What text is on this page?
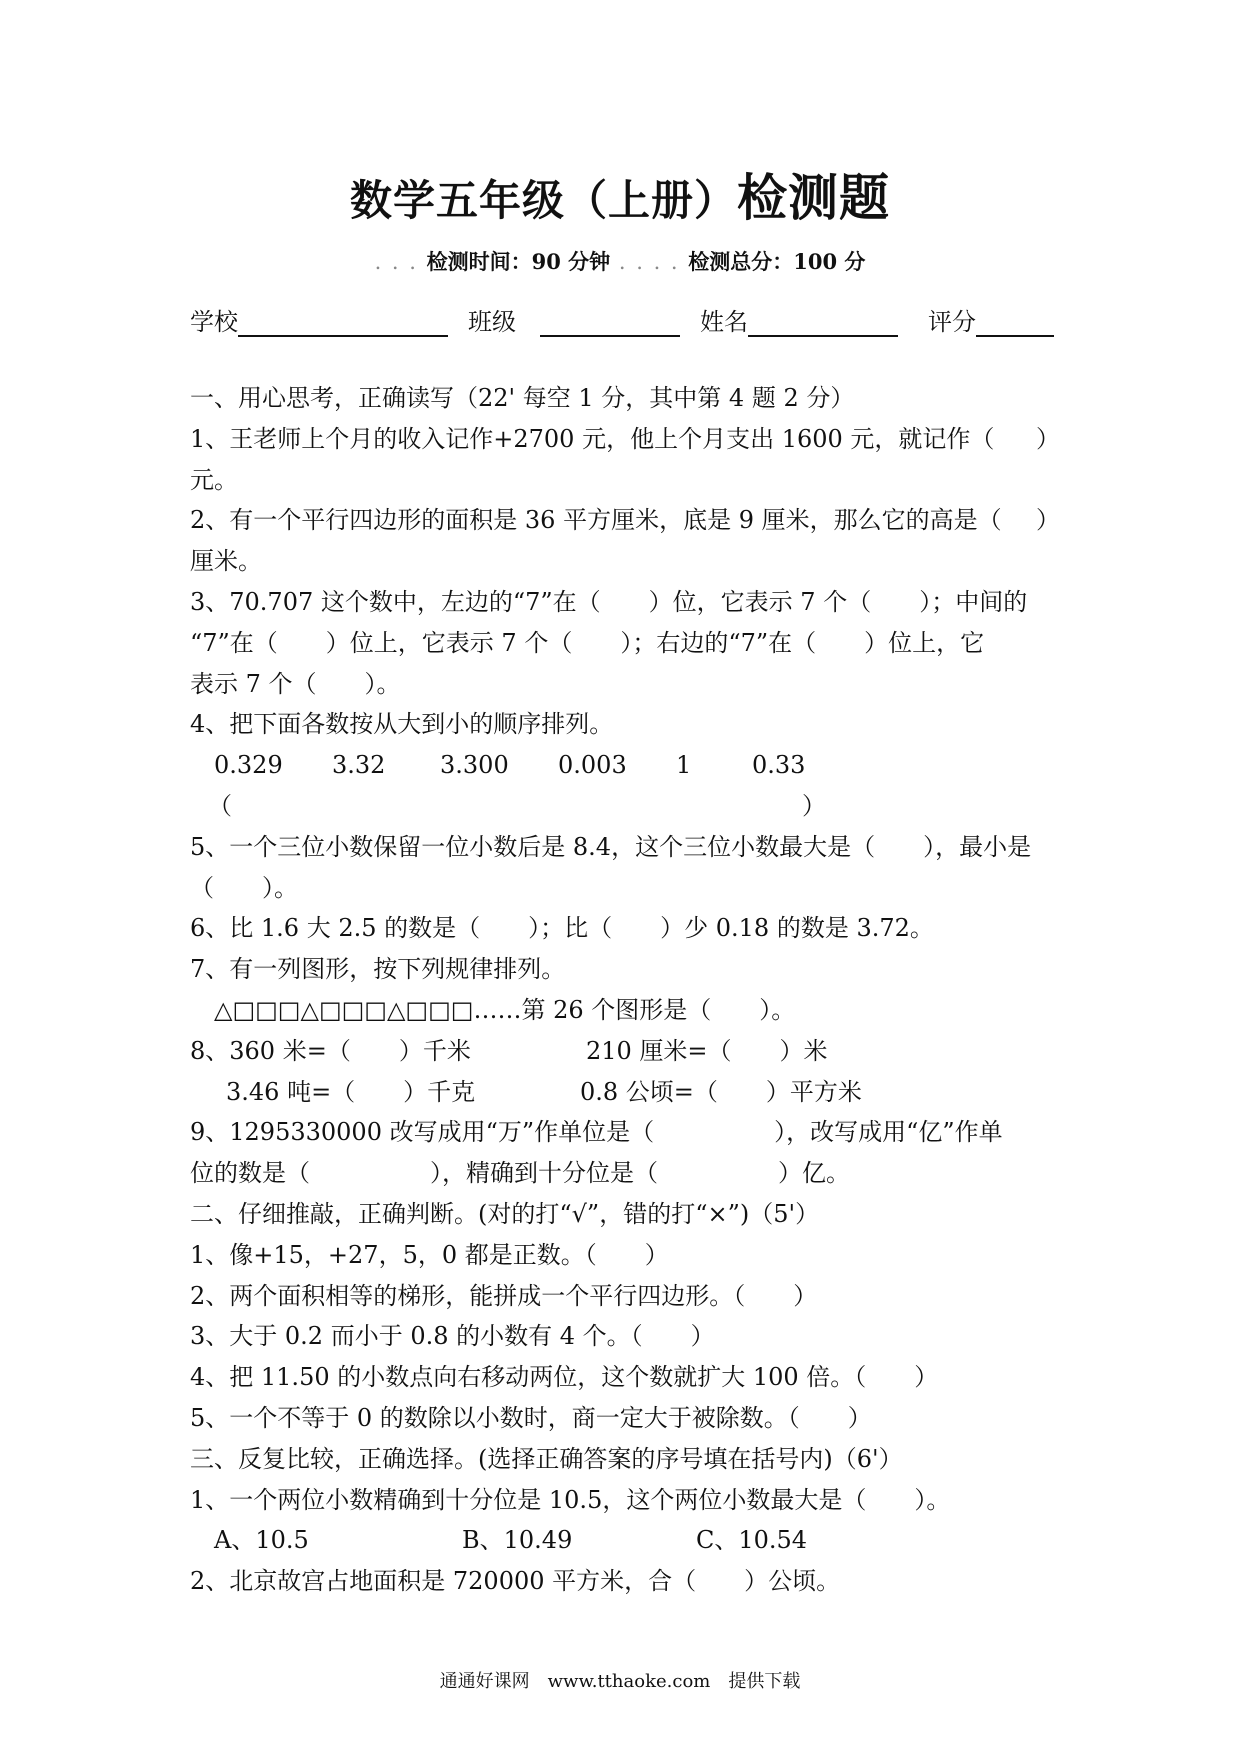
数学五年级（上册）检测题
. . . 检测时间：90 分钟 . . . . 检测总分：100 分
学校	班级　	姓名	评分
一、用心思考，正确读写（22' 每空 1 分，其中第 4 题 2 分）
1、王老师上个月的收入记作+2700 元，他上个月支出 1600 元，就记作（ ）
元。
2、有一个平行四边形的面积是 36 平方厘米，底是 9 厘米，那么它的高是（ ）
厘米。
3、70.707 这个数中，左边的“7”在（　　）位，它表示 7 个（　　）；中间的
“7”在（　　）位上，它表示 7 个（　　）；右边的“7”在（　　）位上，它
表示 7 个（　　）。
4、把下面各数按从大到小的顺序排列。
0.329 3.32 3.300 0.003 1	0.33
（	）
5、一个三位小数保留一位小数后是 8.4，这个三位小数最大是（　　），最小是
（　　）。
6、比 1.6 大 2.5 的数是（　　）；比（　　）少 0.18 的数是 3.72。
7、有一列图形，按下列规律排列。
△□□□△□□□△□□□……第 26 个图形是（　　）。
8、360 米=（　　）千米	210 厘米=（　　）米
3.46 吨=（　　）千克	0.8 公顷=（　　）平方米
9、1295330000 改写成用“万”作单位是（　　　　　），改写成用“亿”作单
位的数是（　　　　　），精确到十分位是（　　　　　）亿。
二、仔细推敲，正确判断。(对的打“√”，错的打“×”)（5'）
1、像+15，+27，5，0 都是正数。（　　）
2、两个面积相等的梯形，能拼成一个平行四边形。（　　）
3、大于 0.2 而小于 0.8 的小数有 4 个。（　　）
4、把 11.50 的小数点向右移动两位，这个数就扩大 100 倍。（　　）
5、一个不等于 0 的数除以小数时，商一定大于被除数。（　　）
三、反复比较，正确选择。(选择正确答案的序号填在括号内)（6'）
1、一个两位小数精确到十分位是 10.5，这个两位小数最大是（　　）。
A、10.5	B、10.49	C、10.54
2、北京故宫占地面积是 720000 平方米，合（　　）公顷。
通通好课网　www.tthaoke.com　提供下载
